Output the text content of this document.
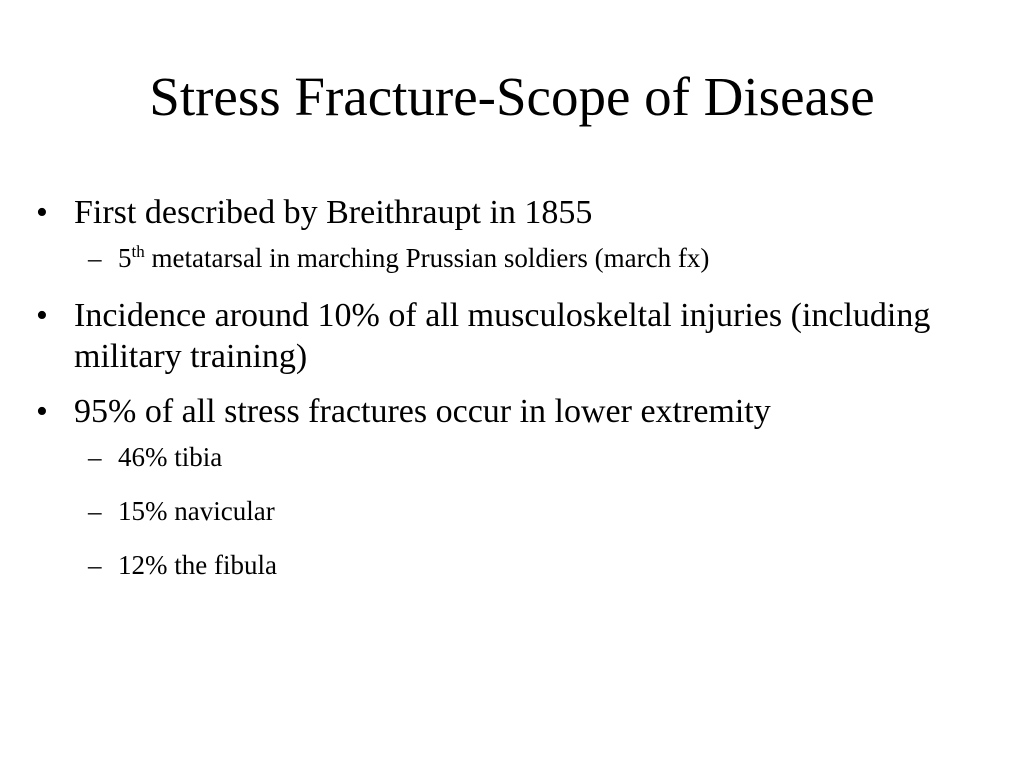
Stress Fracture-Scope of Disease
• First described by Breithraupt in 1855
– 5th metatarsal in marching Prussian soldiers (march fx)
• Incidence around 10% of all musculoskeltal injuries (including military training)
• 95% of all stress fractures occur in lower extremity
– 46% tibia
– 15% navicular
– 12% the fibula
